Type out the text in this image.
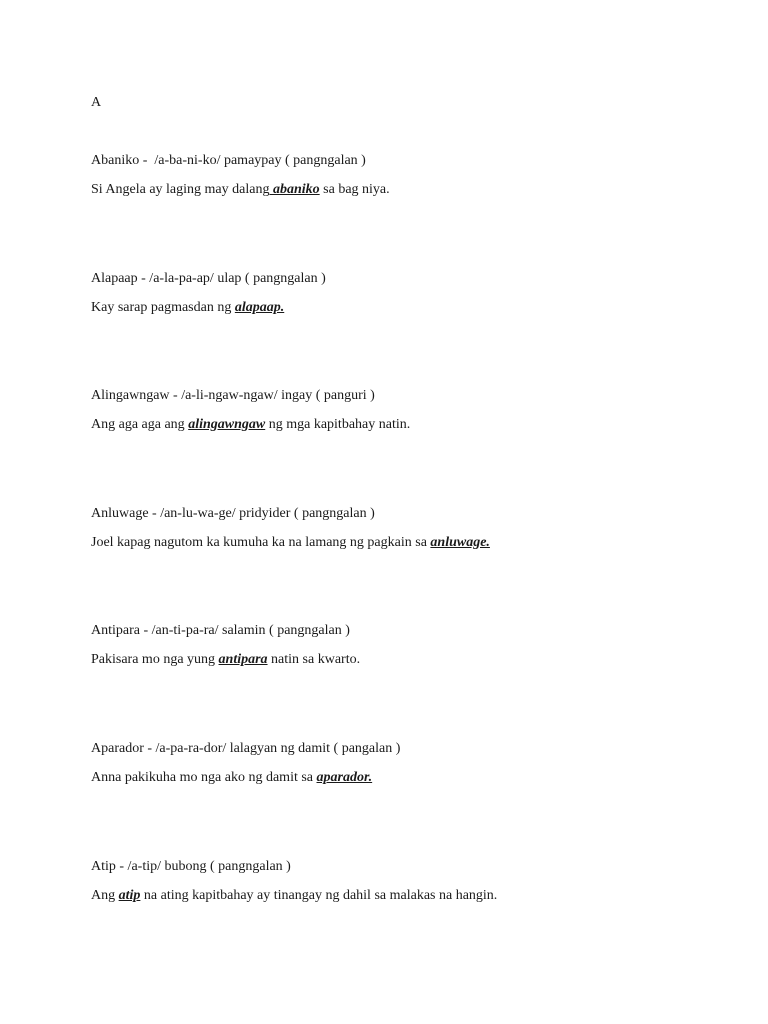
A

Abaniko -  /a-ba-ni-ko/ pamaypay ( pangngalan )

Si Angela ay laging may dalang abaniko sa bag niya.

Alapaap - /a-la-pa-ap/ ulap ( pangngalan )

Kay sarap pagmasdan ng alapaap.

Alingawngaw - /a-li-ngaw-ngaw/ ingay ( panguri )

Ang aga aga ang alingawngaw ng mga kapitbahay natin.

Anluwage - /an-lu-wa-ge/ pridyider ( pangngalan )

Joel kapag nagutom ka kumuha ka na lamang ng pagkain sa anluwage.

Antipara - /an-ti-pa-ra/ salamin ( pangngalan )

Pakisara mo nga yung antipara natin sa kwarto.

Aparador - /a-pa-ra-dor/ lalagyan ng damit ( pangalan )

Anna pakikuha mo nga ako ng damit sa aparador.

Atip - /a-tip/ bubong ( pangngalan )

Ang atip na ating kapitbahay ay tinangay ng dahil sa malakas na hangin.
